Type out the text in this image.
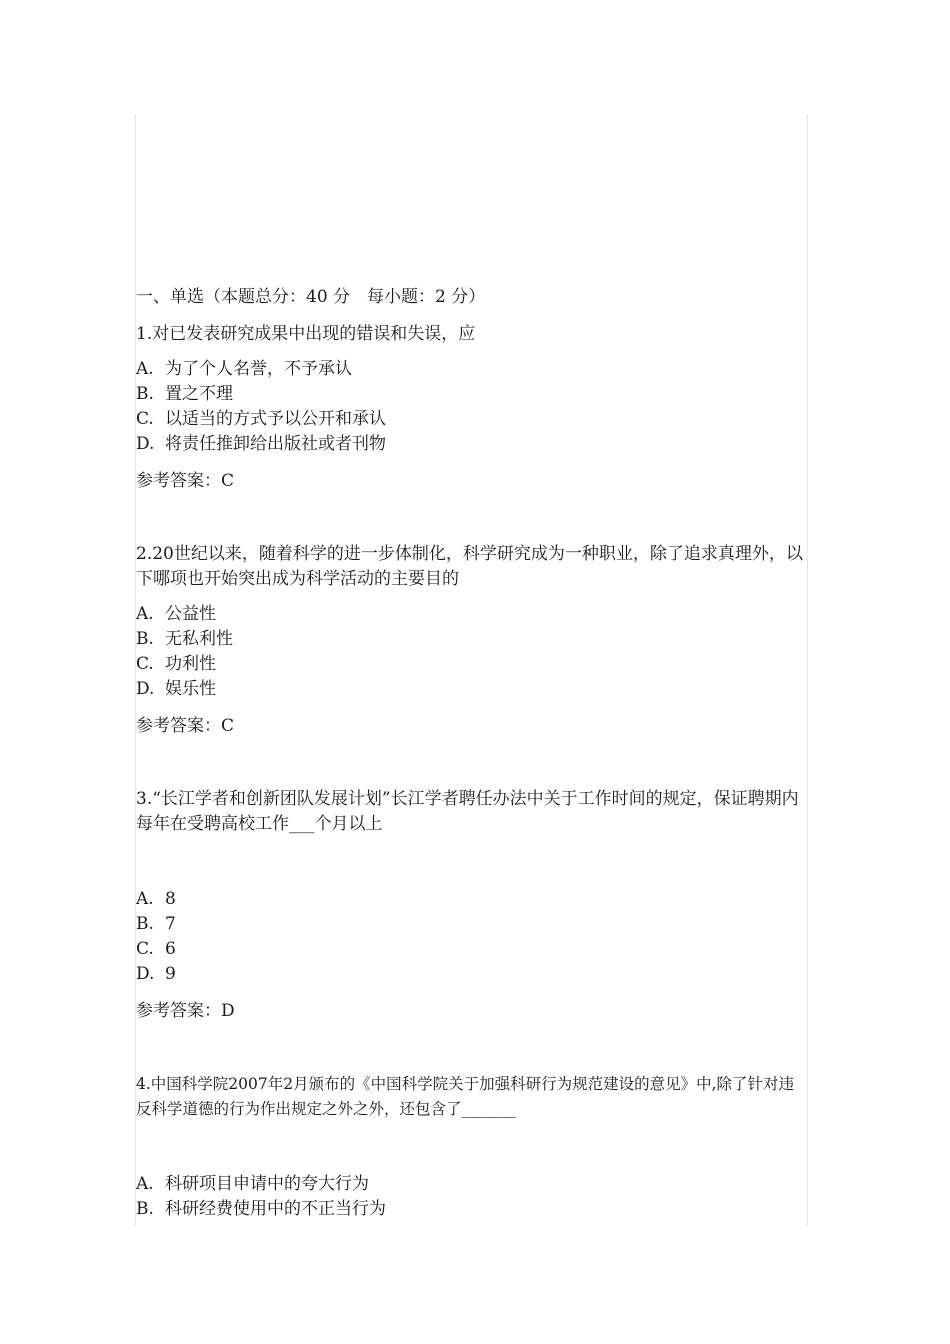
一、单选（本题总分：40 分　每小题：2 分）

1.对已发表研究成果中出现的错误和失误，应

A. 为了个人名誉，不予承认
B. 置之不理
C. 以适当的方式予以公开和承认
D. 将责任推卸给出版社或者刊物

参考答案：C

2.20世纪以来，随着科学的进一步体制化，科学研究成为一种职业，除了追求真理外，以下哪项也开始突出成为科学活动的主要目的

A. 公益性
B. 无私利性
C. 功利性
D. 娱乐性

参考答案：C

3.“长江学者和创新团队发展计划”长江学者聘任办法中关于工作时间的规定，保证聘期内每年在受聘高校工作___个月以上

A. 8
B. 7
C. 6
D. 9

参考答案：D

4.中国科学院2007年2月颁布的《中国科学院关于加强科研行为规范建设的意见》中,除了针对违反科学道德的行为作出规定之外之外，还包含了_______

A. 科研项目申请中的夸大行为
B. 科研经费使用中的不正当行为
